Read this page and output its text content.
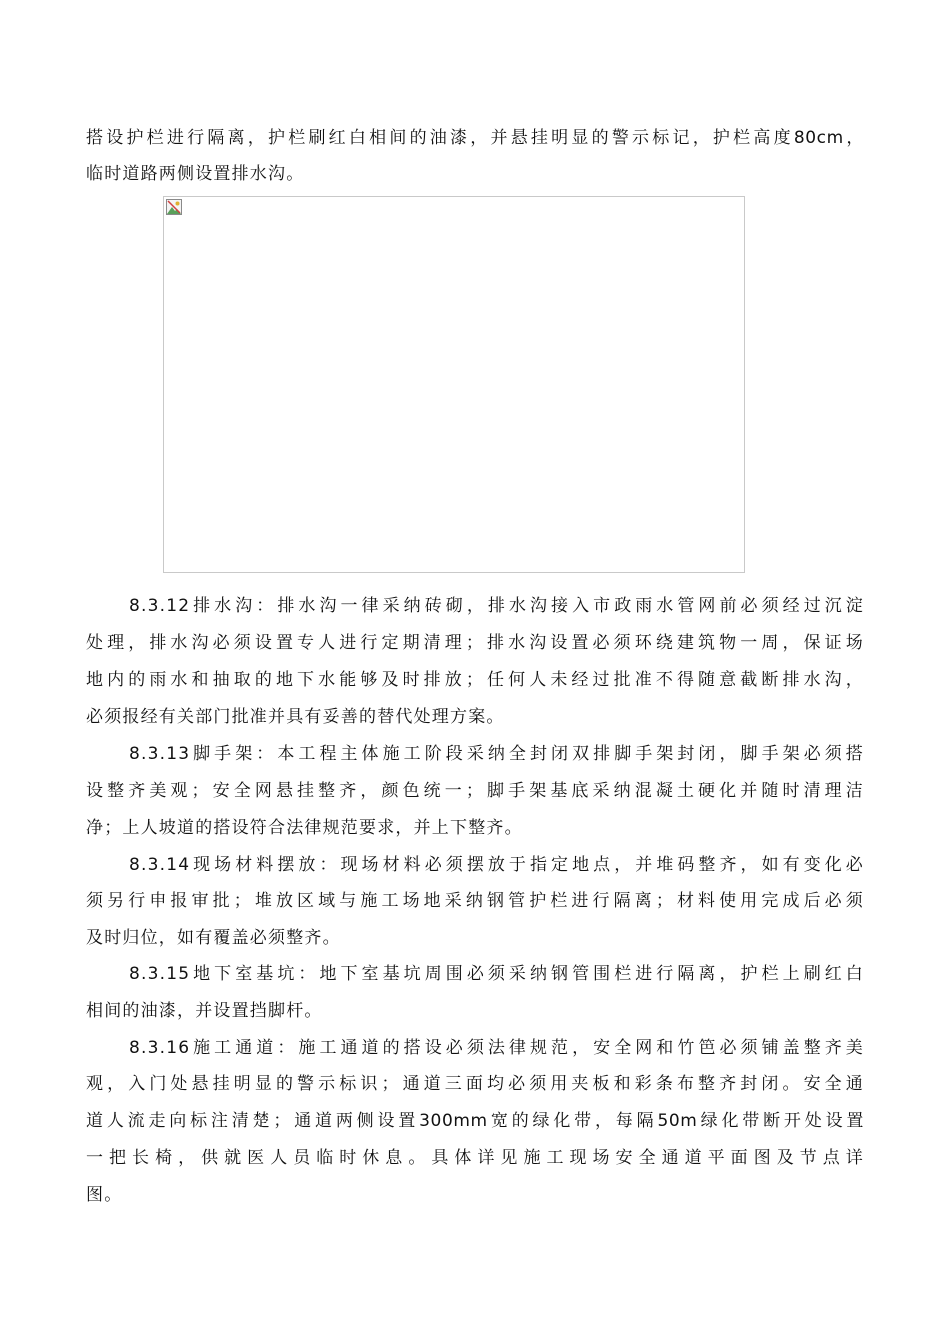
搭设护栏进行隔离，护栏刷红白相间的油漆，并悬挂明显的警示标记，护栏高度80cm，
临时道路两侧设置排水沟。
8.3.12排水沟：排水沟一律采纳砖砌，排水沟接入市政雨水管网前必须经过沉淀
处理，排水沟必须设置专人进行定期清理；排水沟设置必须环绕建筑物一周，保证场
地内的雨水和抽取的地下水能够及时排放；任何人未经过批准不得随意截断排水沟，
必须报经有关部门批准并具有妥善的替代处理方案。
8.3.13脚手架：本工程主体施工阶段采纳全封闭双排脚手架封闭，脚手架必须搭
设整齐美观；安全网悬挂整齐，颜色统一；脚手架基底采纳混凝土硬化并随时清理洁
净；上人坡道的搭设符合法律规范要求，并上下整齐。
8.3.14现场材料摆放：现场材料必须摆放于指定地点，并堆码整齐，如有变化必
须另行申报审批；堆放区域与施工场地采纳钢管护栏进行隔离；材料使用完成后必须
及时归位，如有覆盖必须整齐。
8.3.15地下室基坑：地下室基坑周围必须采纳钢管围栏进行隔离，护栏上刷红白
相间的油漆，并设置挡脚杆。
8.3.16施工通道：施工通道的搭设必须法律规范，安全网和竹笆必须铺盖整齐美
观，入门处悬挂明显的警示标识；通道三面均必须用夹板和彩条布整齐封闭。安全通
道人流走向标注清楚；通道两侧设置300mm宽的绿化带，每隔50m绿化带断开处设置
一把长椅，供就医人员临时休息。具体详见施工现场安全通道平面图及节点详
图。
